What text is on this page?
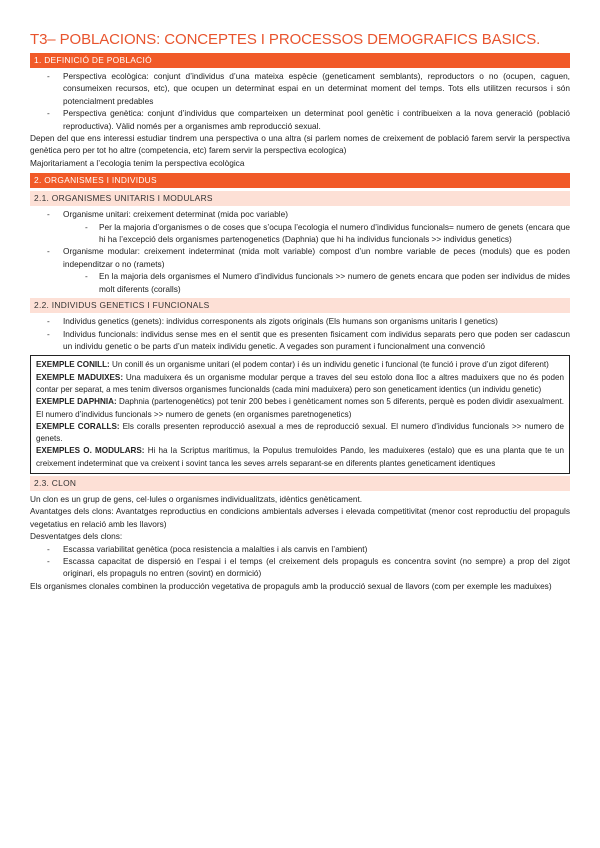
T3– POBLACIONS: CONCEPTES I PROCESSOS DEMOGRAFICS BASICS.
1. DEFINICIÓ DE POBLACIÓ
- Perspectiva ecològica: conjunt d’individus d’una mateixa espècie (geneticament semblants), reproductors o no (ocupen, caguen, consumeixen recursos, etc), que ocupen un determinat espai en un determinat moment del temps. Tots ells utilitzen recursos i són potencialment predables
- Perspectiva genètica: conjunt d’individus que comparteixen un determinat pool genètic i contribueixen a la nova generació (població reproductiva). Vàlid només per a organismes amb reproducció sexual.

Depen del que ens interessi estudiar tindrem una perspectiva o una altra (si parlem nomes de creixement de població farem servir la perspectiva genètica pero per tot ho altre (competencia, etc) farem servir la perspectiva ecologica)

Majoritariament a l’ecologia tenim la perspectiva ecològica

2. ORGANISMES I INDIVIDUS
2.1. ORGANISMES UNITARIS I MODULARS
- Organisme unitari: creixement determinat (mida poc variable)
- Per la majoria d’organismes o de coses que s’ocupa l’ecologia el numero d’individus funcionals= numero de genets (encara que hi ha l’excepció dels organismes partenogenetics (Daphnia) que hi ha individus funcionals >> individus genetics)
- Organisme modular: creixement indeterminat (mida molt variable) compost d’un nombre variable de peces (moduls) que es poden independitzar o no (ramets)
- En la majoria dels organismes el Numero d’individus funcionals >> numero de genets encara que poden ser individus de mides molt diferents (coralls)
2.2. INDIVIDUS GENETICS I FUNCIONALS
- Individus genetics (genets): individus corresponents als zigots originals (Els humans son organisms unitaris I genetics)
- Individus funcionals: individus sense mes en el sentit que es presenten fisicament com individus separats pero que poden ser cadascun un individu genetic o be parts d’un mateix individu genetic. A vegades son purament i funcionalment una convenció

EXEMPLE CONILL: Un conill és un organisme unitari (el podem contar) i és un individu genetic i funcional (te funció i prove d’un zigot diferent)

EXEMPLE MADUIXES: Una maduixera és un organisme modular perque a traves del seu estolo dona lloc a altres maduixers que no és poden contar per separat, a mes tenim diversos organismes funcionalds (cada mini maduixera) pero son geneticament identics (un individu genetic)

EXEMPLE DAPHNIA: Daphnia (partenogenètics) pot tenir 200 bebes i genèticament nomes son 5 diferents, perquè es poden dividir asexualment. El numero d’individus funcionals >> numero de genets (en organismes paretnogenetics)

EXEMPLE CORALLS: Els coralls presenten reproducció asexual a mes de reproducció sexual. El numero d’individus funcionals >> numero de genets.

EXEMPLES O. MODULARS: Hi ha la Scriptus maritimus, la Populus tremuloides Pando, les maduixeres (estalo) que es una planta que te un creixement indeterminat que va creixent i sovint tanca les seves arrels separant-se en diferents plantes geneticament identiques

2.3. CLON

Un clon es un grup de gens, cel·lules o organismes individualitzats, idèntics genèticament.

Avantatges dels clons: Avantatges reproductius en condicions ambientals adverses i elevada competitivitat (menor cost reproductiu del propaguls vegetatius en relació amb les llavors)

Desventatges dels clons:

- Escassa variabilitat genètica (poca resistencia a malalties i als canvis en l’ambient)
- Escassa capacitat de dispersió en l’espai i el temps (el creixement dels propaguls es concentra sovint (no sempre) a prop del zigot originari, els propaguls no entren (sovint) en dormició)

Els organismes clonales combinen la producción vegetativa de propaguls amb la producció sexual de llavors (com per exemple les maduixes)
